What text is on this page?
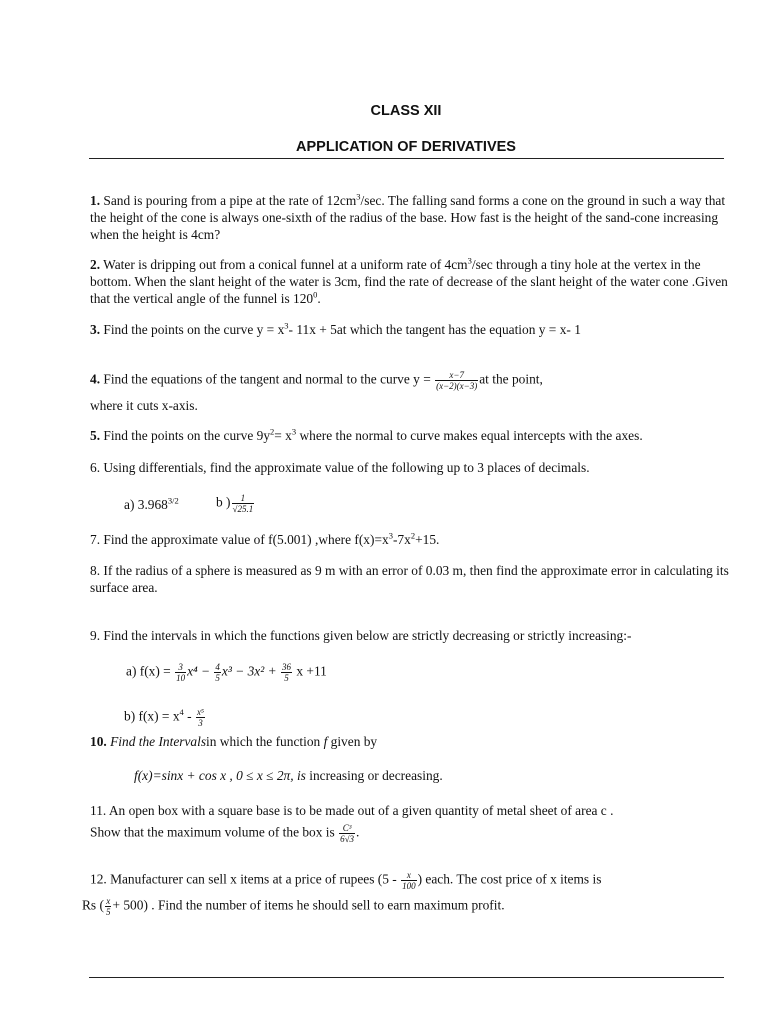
CLASS XII
APPLICATION OF DERIVATIVES
1. Sand is pouring from a pipe at the rate of $12cm^3/\sec$. The falling sand forms a cone on the ground in such a way that the height of the cone is always one-sixth of the radius of the base. How fast is the height of the sand-cone increasing when the height is 4cm?
2. Water is dripping out from a conical funnel at a uniform rate of $4cm^3/\sec$ through a tiny hole at the vertex in the bottom. When the slant height of the water is 3cm, find the rate of decrease of the slant height of the water cone .Given that the vertical angle of the funnel is $120^0$.
3. Find the points on the curve $y = x^3-$ 11x + 5at which the tangent has the equation y = x- 1
4. Find the equations of the tangent and normal to the curve $y = \frac{x-7}{(x-2)(x-3)}$ at the point,
where it cuts x-axis.
5. Find the points on the curve $9y^2= x^3$ where the normal to curve makes equal intercepts with the axes.
6. Using differentials, find the approximate value of the following up to 3 places of decimals.
a) $3.968^{3/2}$	b ) $\frac{1}{√25.1}$
7. Find the approximate value of f(5.001) ,where $f(x)=x^3-7x^2+15$.
8. If the radius of a sphere is measured as 9 m with an error of 0.03 m, then find the approximate error in calculating its surface area.
9. Find the intervals in which the functions given below are strictly decreasing or strictly increasing:-
a) $f(x) = \frac{3}{10} x^4 - \frac{4}{5} x^3 - 3x^2 + \frac{36}{5}$ x +11
b) $f(x) = x^4 - \frac{\text{x⁵}}{3}$
10. Find the Intervalsin which the function f given by
f(x)=sinx + cos x , 0 ≤ x ≤ 2π, is increasing or decreasing.
11. An open box with a square base is to be made out of a given quantity of metal sheet of area c .
Show that the maximum volume of the box is $\frac{\text{C³}}{6√3}$ .
12. Manufacturer can sell x items at a price of rupees ($5 - \frac{x}{100}$ ) each. The cost price of x items is
Rs ( $\frac{x}{5} + 500$) . Find the number of items he should sell to earn maximum profit.
